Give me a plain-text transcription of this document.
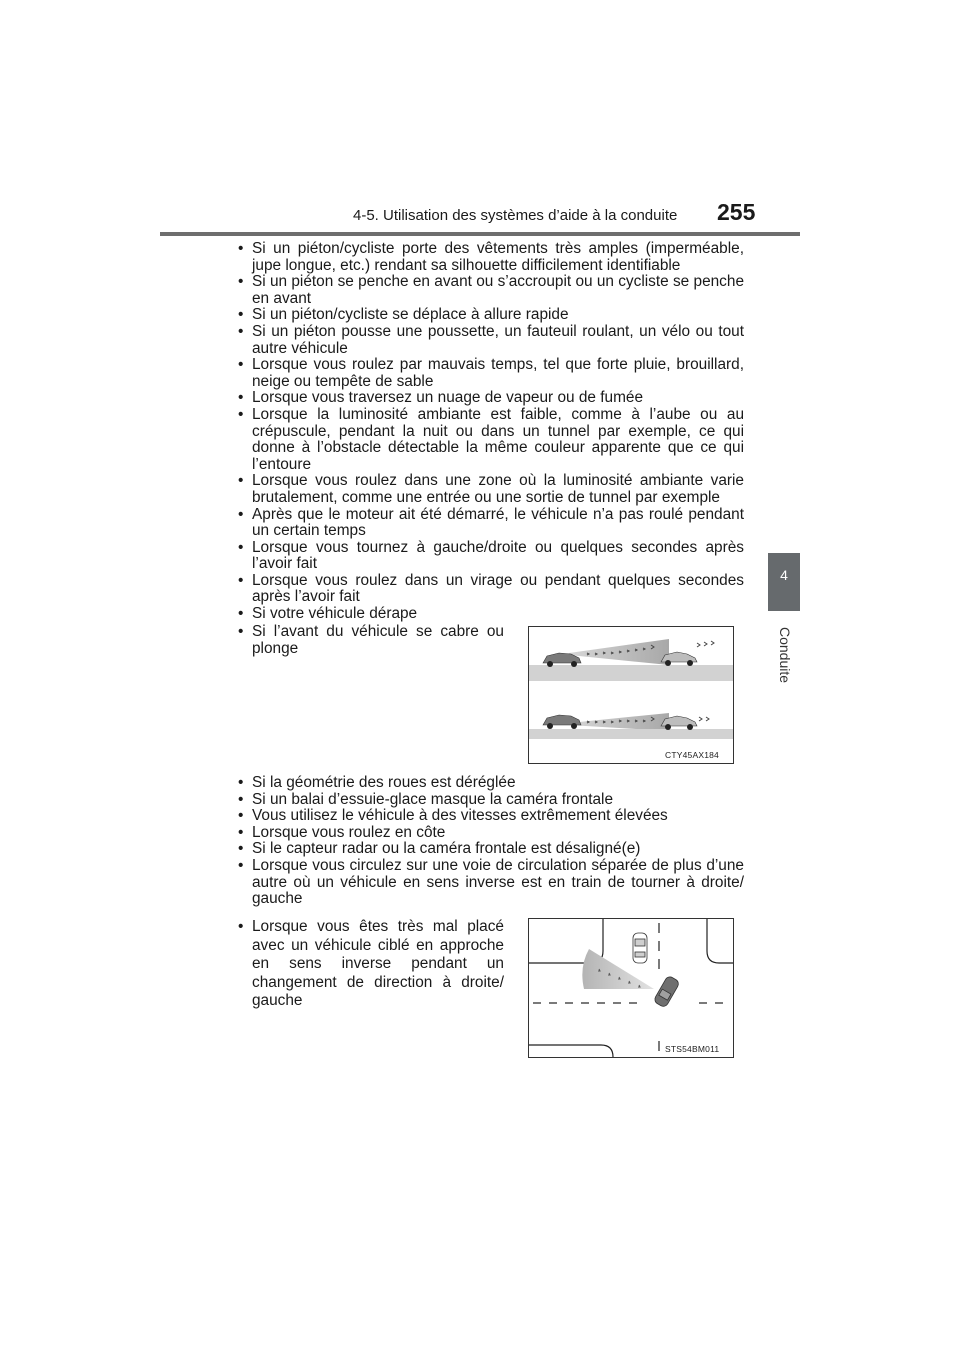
4-5. Utilisation des systèmes d’aide à la conduite 255
4
Conduite
• Si un piéton/cycliste porte des vêtements très amples (imperméable, jupe longue, etc.) rendant sa silhouette difficilement identifiable
• Si un piéton se penche en avant ou s’accroupit ou un cycliste se penche en avant
• Si un piéton/cycliste se déplace à allure rapide
• Si un piéton pousse une poussette, un fauteuil roulant, un vélo ou tout autre véhicule
• Lorsque vous roulez par mauvais temps, tel que forte pluie, brouillard, neige ou tempête de sable
• Lorsque vous traversez un nuage de vapeur ou de fumée
• Lorsque la luminosité ambiante est faible, comme à l’aube ou au crépuscule, pendant la nuit ou dans un tunnel par exemple, ce qui donne à l’obstacle détectable la même couleur apparente que ce qui l’entoure
• Lorsque vous roulez dans une zone où la luminosité ambiante varie brutalement, comme une entrée ou une sortie de tunnel par exemple
• Après que le moteur ait été démarré, le véhicule n’a pas roulé pendant un certain temps
• Lorsque vous tournez à gauche/droite ou quelques secondes après l’avoir fait
• Lorsque vous roulez dans un virage ou pendant quelques secondes après l’avoir fait
• Si votre véhicule dérape
• Si l’avant du véhicule se cabre ou plonge
CTY45AX184
• Si la géométrie des roues est déréglée
• Si un balai d’essuie-glace masque la caméra frontale
• Vous utilisez le véhicule à des vitesses extrêmement élevées
• Lorsque vous roulez en côte
• Si le capteur radar ou la caméra frontale est désaligné(e)
• Lorsque vous circulez sur une voie de circulation séparée de plus d’une autre où un véhicule en sens inverse est en train de tourner à droite/ gauche
• Lorsque vous êtes très mal placé avec un véhicule ciblé en approche en sens inverse pendant un changement de direction à droite/ gauche
STS54BM011
